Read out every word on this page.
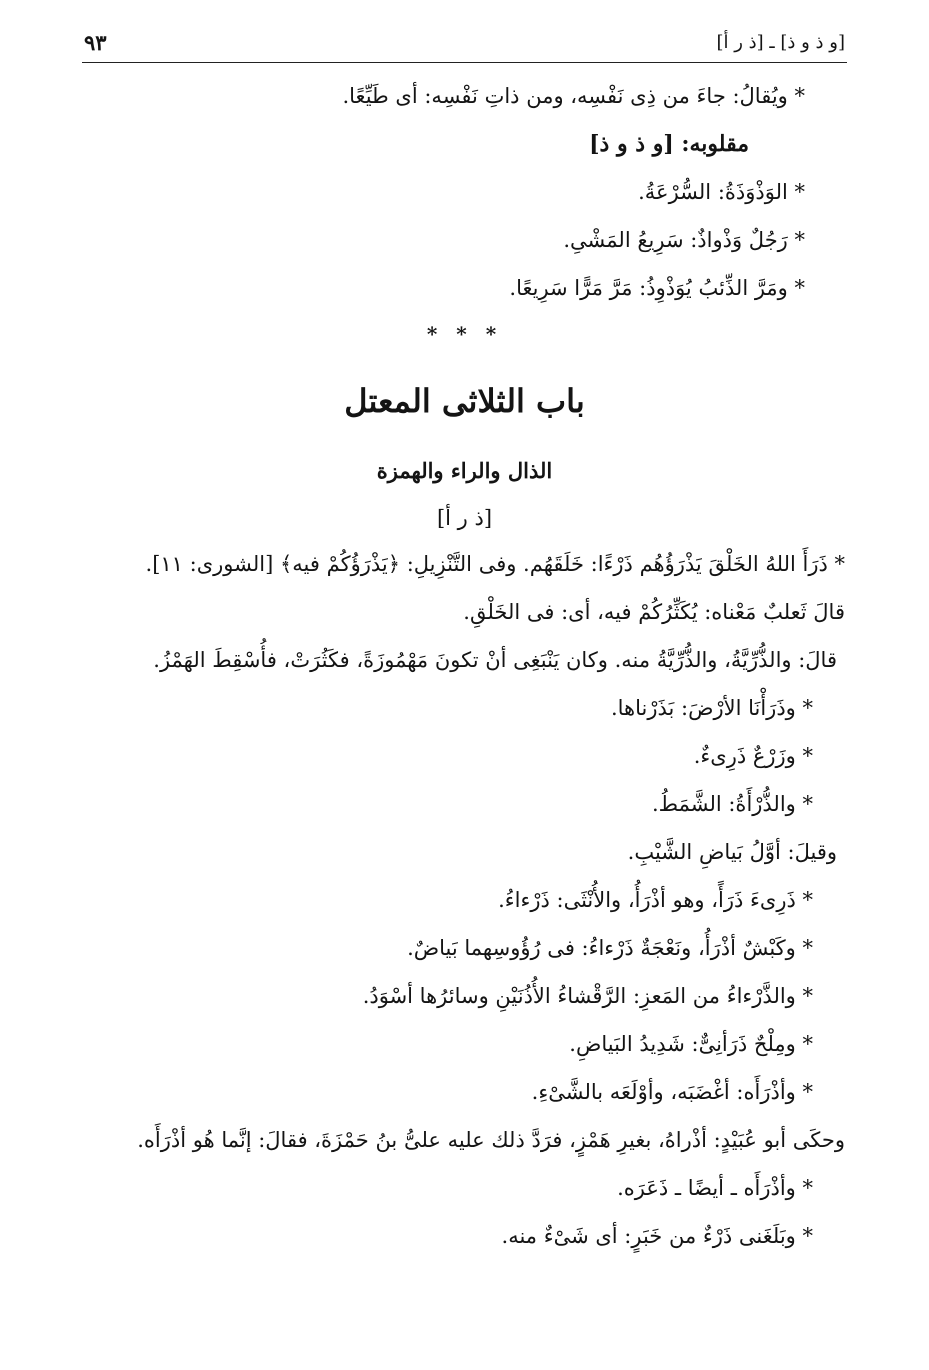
٩٣	[و ذ و ذ] ـ [ذ ر أ]
* ويُقالُ: جاءَ من ذِى نَفْسِه، ومن ذاتِ نَفْسِه: أى طَيِّعًا.
مقلوبه: [و ذ و ذ]
* الوَذْوَذَةُ: السُّرْعَةُ.
* رَجُلٌ وَذْواذٌ: سَرِيعُ المَشْىِ.
* ومَرَّ الذِّئبُ يُوَذْوِذُ: مَرَّ مَرًّا سَرِيعًا.
* * *
باب الثلاثى المعتل
الذال والراء والهمزة
[ذ ر أ]
* ذَرَأَ اللهُ الخَلْقَ يَذْرَؤُهُم ذَرْءًا: خَلَقَهُم. وفى التَّنْزِيلِ: ﴿يَذْرَؤُكُمْ فيه﴾ [الشورى: ١١].
قالَ ثَعلبٌ مَعْناه: يُكَثِّرُكُمْ فيه، أى: فى الخَلْقِ.
قالَ: والذُّرِّيَّةُ، والذُّرِّيَّةُ منه. وكان يَنْبَغِى أنْ تكونَ مَهْمُوزَةً، فكَثُرَتْ، فأُسْقِطَ الهَمْزُ.
* وذَرَأْنَا الأرْضَ: بَذَرْناها.
* وزَرْعٌ ذَرِىءٌ.
* والذُّرْأَةُ: الشَّمَطُ.
وقيلَ: أوَّلُ بَياضِ الشَّيْبِ.
* ذَرِىءَ ذَرَأً، وهو أذْرَأُ، والأُنْثَى: ذَرْءاءُ.
* وكَبْشٌ أذْرَأُ، ونَعْجَةٌ ذَرْءاءُ: فى رُؤُوسِهما بَياضٌ.
* والذَّرْءاءُ من المَعزِ: الرَّقْشاءُ الأُذُنَيْنِ وسائرُها أسْوَدُ.
* ومِلْحٌ ذَرَأنِىٌّ: شَدِيدُ البَياضِ.
* وأذْرَأَه: أغْضَبَه، وأوْلَعَه بالشَّىْءِ.
وحكَى أبو عُبَيْدٍ: أذْراهُ، بغيرِ هَمْزٍ، فرَدَّ ذلك عليه علىُّ بنُ حَمْزَةَ، فقالَ: إنَّما هُو أذْرَأَه.
* وأذْرَأَه ـ أيضًا ـ ذَعَرَه.
* وبَلَغَنى ذَرْءٌ من خَبَرٍ: أى شَىْءٌ منه.
